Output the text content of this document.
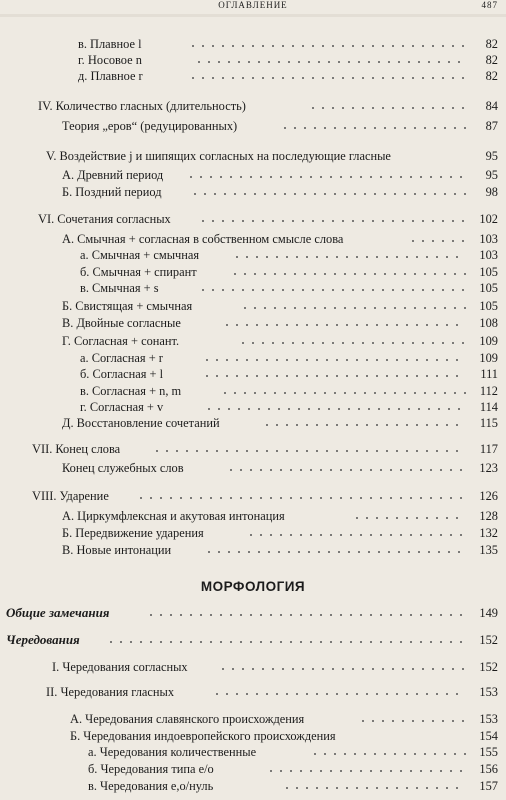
ОГЛАВЛЕНИЕ	487
в. Плавное l	82
г. Носовое n	82
д. Плавное r	82
IV. Количество гласных (длительность)	84
Теория „еров“ (редуцированных)	87
V. Воздействие j и шипящих согласных на последующие гласные	95
А. Древний период	95
Б. Поздний период	98
VI. Сочетания согласных	102
А. Смычная + согласная в собственном смысле слова	103
а. Смычная + смычная	103
б. Смычная + спирант	105
в. Смычная + s	105
Б. Свистящая + смычная	105
В. Двойные согласные	108
Г. Согласная + сонант.	109
а. Согласная + r	109
б. Согласная + l	111
в. Согласная + n, m	112
г. Согласная + v	114
Д. Восстановление сочетаний	115
VII. Конец слова	117
Конец служебных слов	123
VIII. Ударение	126
А. Циркумфлексная и акутовая интонация	128
Б. Передвижение ударения	132
В. Новые интонации	135
МОРФОЛОГИЯ
Общие замечания	149
Чередования	152
I. Чередования согласных	152
II. Чередования гласных	153
А. Чередования славянского происхождения	153
Б. Чередования индоевропейского происхождения	154
а. Чередования количественные	155
б. Чередования типа e/o	156
в. Чередования e,o/нуль	157
